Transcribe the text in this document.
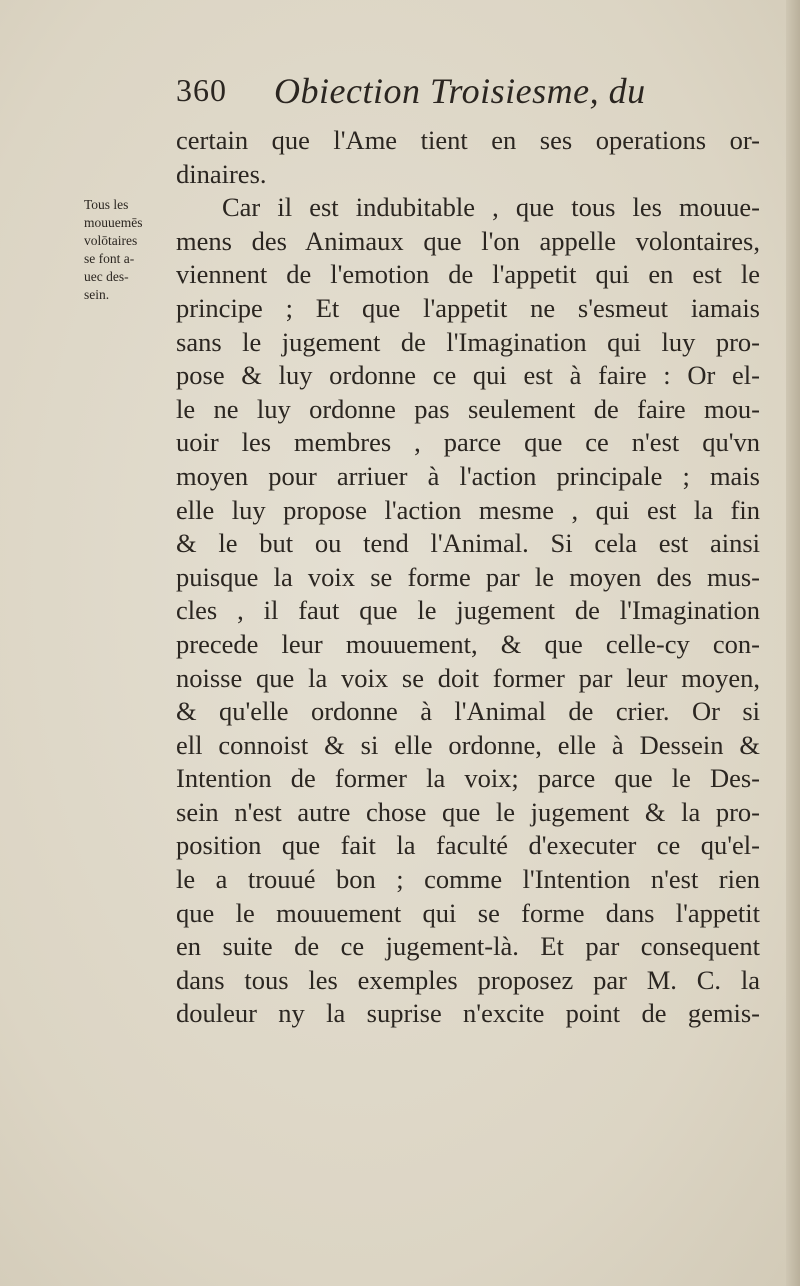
360 Obiection Troisiesme, du
Tous les
mouuemēs
volōtaires
se font a-
uec des-
sein.
certain que l'Ame tient en ses operations or-
dinaires.
Car il est indubitable , que tous les mouue-
mens des Animaux que l'on appelle volontaires,
viennent de l'emotion de l'appetit qui en est le
principe ; Et que l'appetit ne s'esmeut iamais
sans le jugement de l'Imagination qui luy pro-
pose & luy ordonne ce qui est à faire : Or el-
le ne luy ordonne pas seulement de faire mou-
uoir les membres , parce que ce n'est qu'vn
moyen pour arriuer à l'action principale ; mais
elle luy propose l'action mesme , qui est la fin
& le but ou tend l'Animal. Si cela est ainsi
puisque la voix se forme par le moyen des mus-
cles , il faut que le jugement de l'Imagination
precede leur mouuement, & que celle-cy con-
noisse que la voix se doit former par leur moyen,
& qu'elle ordonne à l'Animal de crier. Or si
ell connoist & si elle ordonne, elle à Dessein &
Intention de former la voix; parce que le Des-
sein n'est autre chose que le jugement & la pro-
position que fait la faculté d'executer ce qu'el-
le a trouué bon ; comme l'Intention n'est rien
que le mouuement qui se forme dans l'appetit
en suite de ce jugement-là. Et par consequent
dans tous les exemples proposez par M. C. la
douleur ny la suprise n'excite point de gemis-
